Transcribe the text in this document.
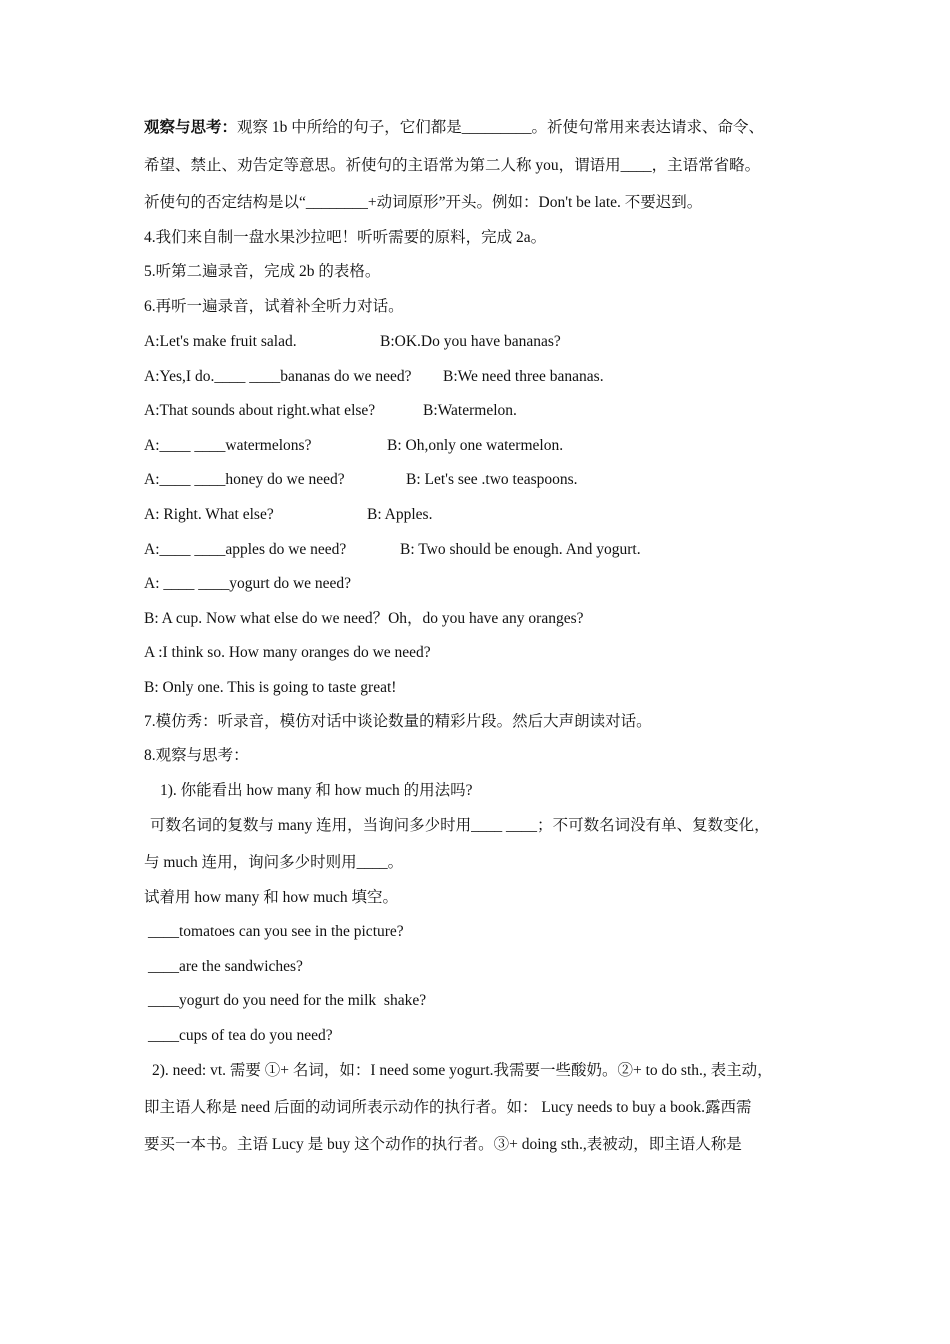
观察与思考：观察 1b 中所给的句子，它们都是_________。祈使句常用来表达请求、命令、
希望、禁止、劝告定等意思。祈使句的主语常为第二人称 you，谓语用____，主语常省略。
祈使句的否定结构是以“________+动词原形”开头。例如：Don't be late. 不要迟到。
4.我们来自制一盘水果沙拉吧！听听需要的原料，完成 2a。
5.听第二遍录音，完成 2b 的表格。
6.再听一遍录音，试着补全听力对话。
A:Let's make fruit salad.	B:OK.Do you have bananas?
A:Yes,I do.____ ____bananas do we need? B:We need three bananas.
A:That sounds about right.what else?	B:Watermelon.
A:____ ____watermelons?	B: Oh,only one watermelon.
A:____ ____honey do we need?	B: Let's see .two teaspoons.
A: Right. What else?	B: Apples.
A:____ ____apples do we need?	B: Two should be enough. And yogurt.
A: ____ ____yogurt do we need?
B: A cup. Now what else do we need？Oh，do you have any oranges?
A :I think so. How many oranges do we need?
B: Only one. This is going to taste great!
7.模仿秀：听录音，模仿对话中谈论数量的精彩片段。然后大声朗读对话。
8.观察与思考：
1). 你能看出 how many 和 how much 的用法吗?
可数名词的复数与 many 连用，当询问多少时用____ ____；不可数名词没有单、复数变化，
与 much 连用，询问多少时则用____。
试着用 how many 和 how much 填空。
____tomatoes can you see in the picture?
____are the sandwiches?
____yogurt do you need for the milk  shake?
____cups of tea do you need?
2). need: vt. 需要 ①+ 名词，如：I need some yogurt.我需要一些酸奶。②+ to do sth., 表主动，
即主语人称是 need 后面的动词所表示动作的执行者。如： Lucy needs to buy a book.露西需
要买一本书。主语 Lucy 是 buy 这个动作的执行者。③+ doing sth.,表被动，即主语人称是
